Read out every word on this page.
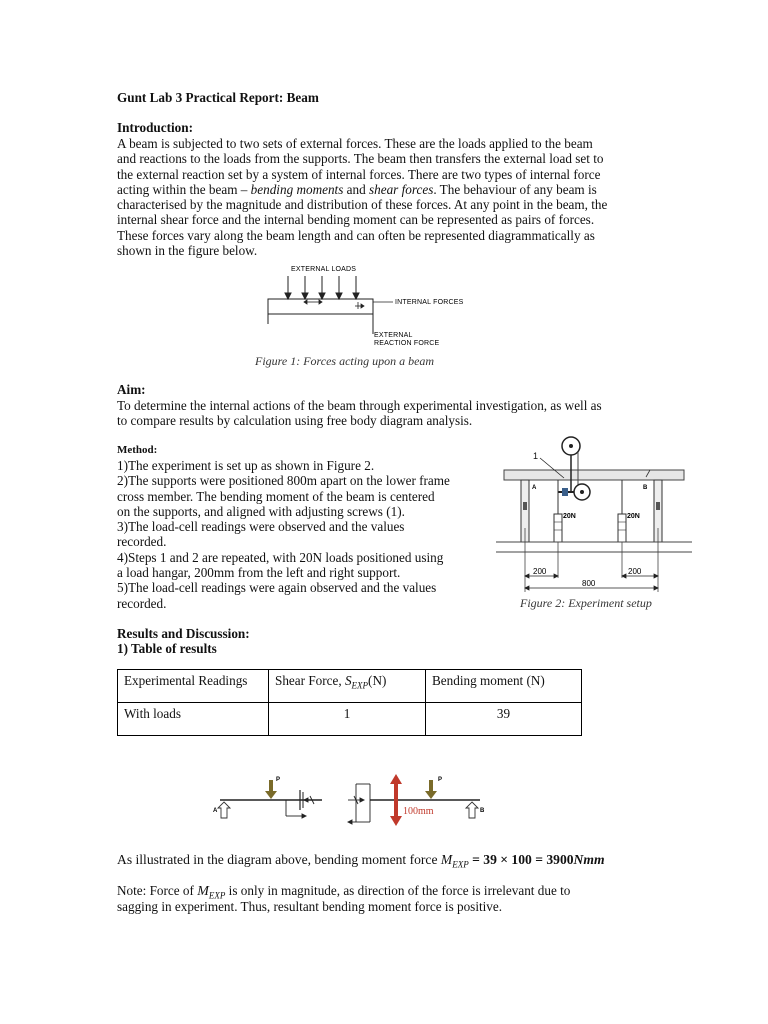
Gunt Lab 3 Practical Report: Beam
Introduction:
A beam is subjected to two sets of external forces. These are the loads applied to the beam
and reactions to the loads from the supports. The beam then transfers the external load set to
the external reaction set by a system of internal forces. There are two types of internal force
acting within the beam – bending moments and shear forces. The behaviour of any beam is
characterised by the magnitude and distribution of these forces. At any point in the beam, the
internal shear force and the internal bending moment can be represented as pairs of forces.
These forces vary along the beam length and can often be represented diagrammatically as
shown in the figure below.
EXTERNAL LOADS
INTERNAL FORCES
EXTERNAL
REACTION FORCE
Figure 1: Forces acting upon a beam
Aim:
To determine the internal actions of the beam through experimental investigation, as well as
to compare results by calculation using free body diagram analysis.
Method:
1)The experiment is set up as shown in Figure 2.
2)The supports were positioned 800m apart on the lower frame
cross member. The bending moment of the beam is centered
on the supports, and aligned with adjusting screws (1).
3)The load-cell readings were observed and the values
recorded.
4)Steps 1 and 2 are repeated, with 20N loads positioned using
a load hangar, 200mm from the left and right support.
5)The load-cell readings were again observed and the values
recorded.
1
A	B
20N	20N
200	200
800
Figure 2: Experiment setup
Results and Discussion:
1) Table of results
Experimental Readings	Shear Force, $S_{EXP}(N)$	Bending moment (N)
With loads	1	39
A
P
100mm
P
B
As illustrated in the diagram above, bending moment force $M_{EXP} = 39 \times 100 = 3900Nmm$
Note: Force of $M_{EXP}$ is only in magnitude, as direction of the force is irrelevant due to
sagging in experiment. Thus, resultant bending moment force is positive.
